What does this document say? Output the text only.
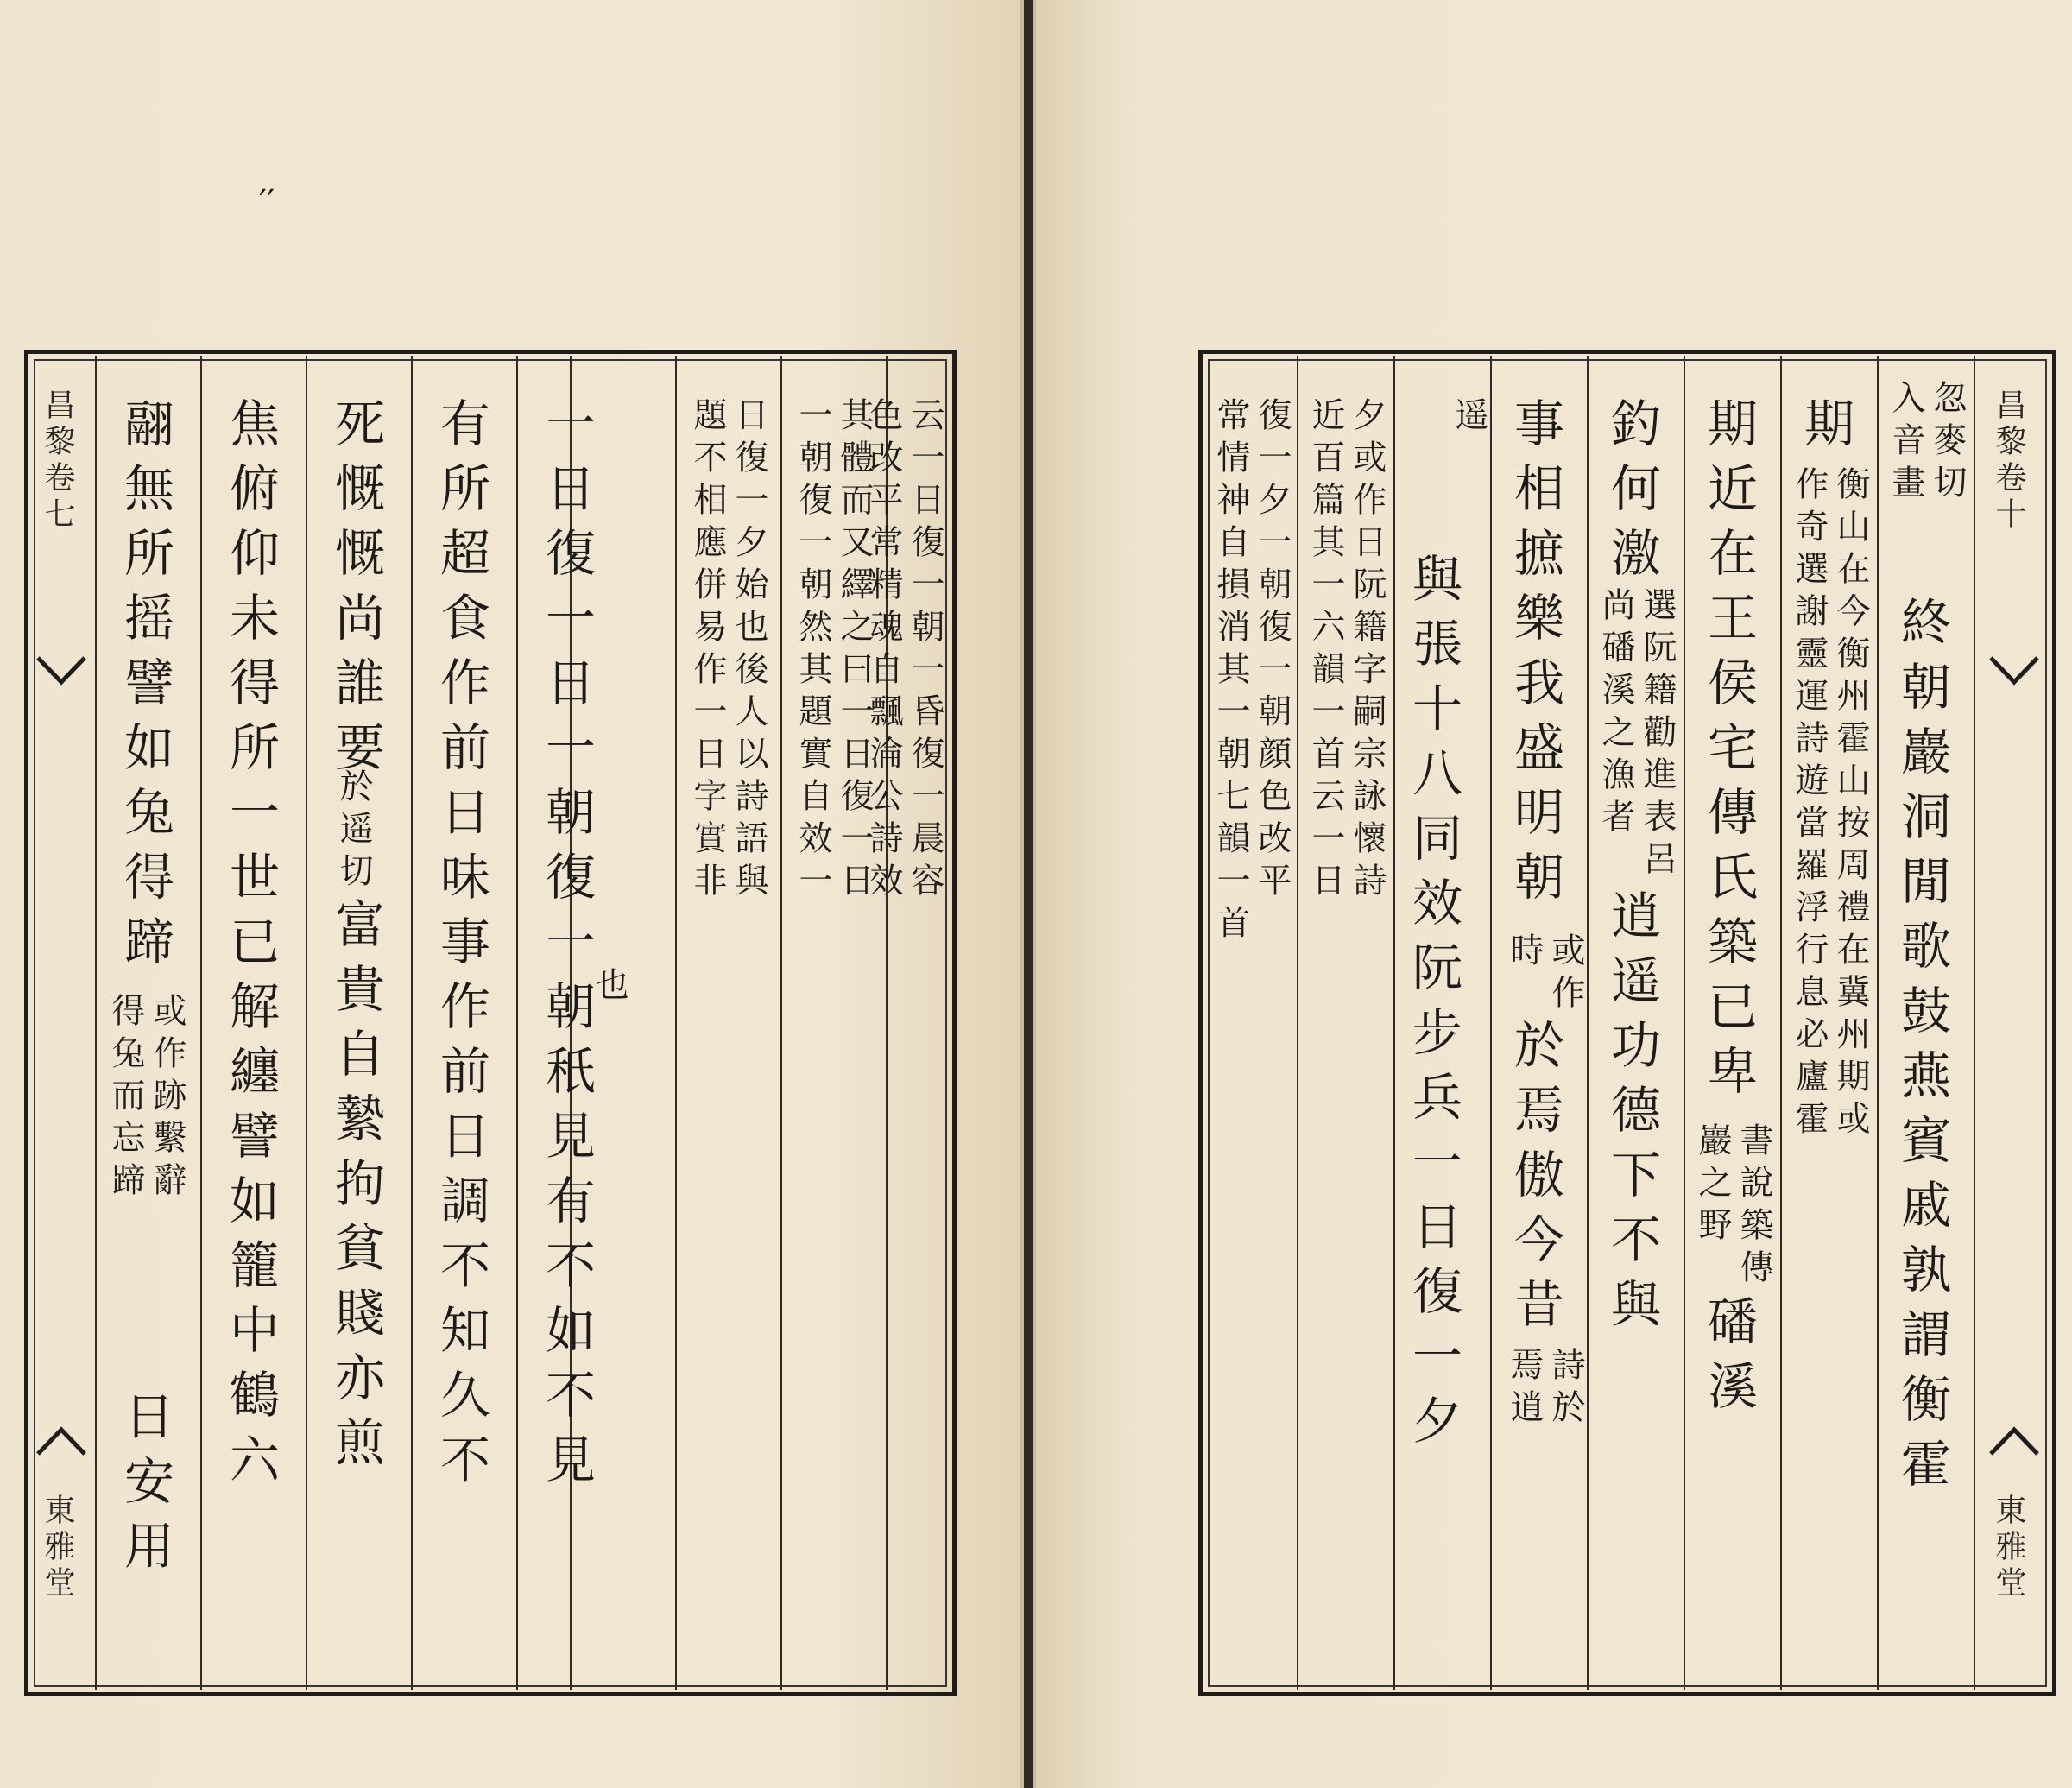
′′
昌黎卷七
東雅堂
翮無所摇譬如兔得蹄
或作跡繫辭
得兔而忘蹄
日安用 焦俯仰未得所一世已解纏譬如籠中鶴六 死慨慨尚誰要
於遥切
富貴自縶拘貧賤亦煎 有所超食作前日味事作前日調不知久不 一日復一日一朝復一朝秖見有不如不見
也
日復一夕始也後人以詩語與
題不相應併易作一日字實非	其體而又繹之曰一日復一日
一朝復一朝然其題實自效一 云一日復一朝一昏復一晨容
色改平常精魂自飄淪公詩效	復一夕一朝復一朝顔色改平
常情神自損消其一朝七韻一首	夕或作日阮籍字嗣宗詠懷詩
近百篇其一六韻一首云一日	遥
與張十八同效阮步兵一日復一夕 事相摭樂我盛明朝
或作
時
於焉傲今昔
詩於
焉逍
釣何激
選阮籍勸進表呂
尚磻溪之漁者
逍遥功德下不與
期近在王侯宅傳氏築已卑
書說築傳
巖之野
磻溪
期
衡山在今衡州霍山按周禮在冀州期或
作奇選謝靈運詩遊當羅浮行息必廬霍
忽麥切
入音畫
終朝巖洞閒歌鼓燕賓戚孰謂衡霍
昌黎卷十
東雅堂
